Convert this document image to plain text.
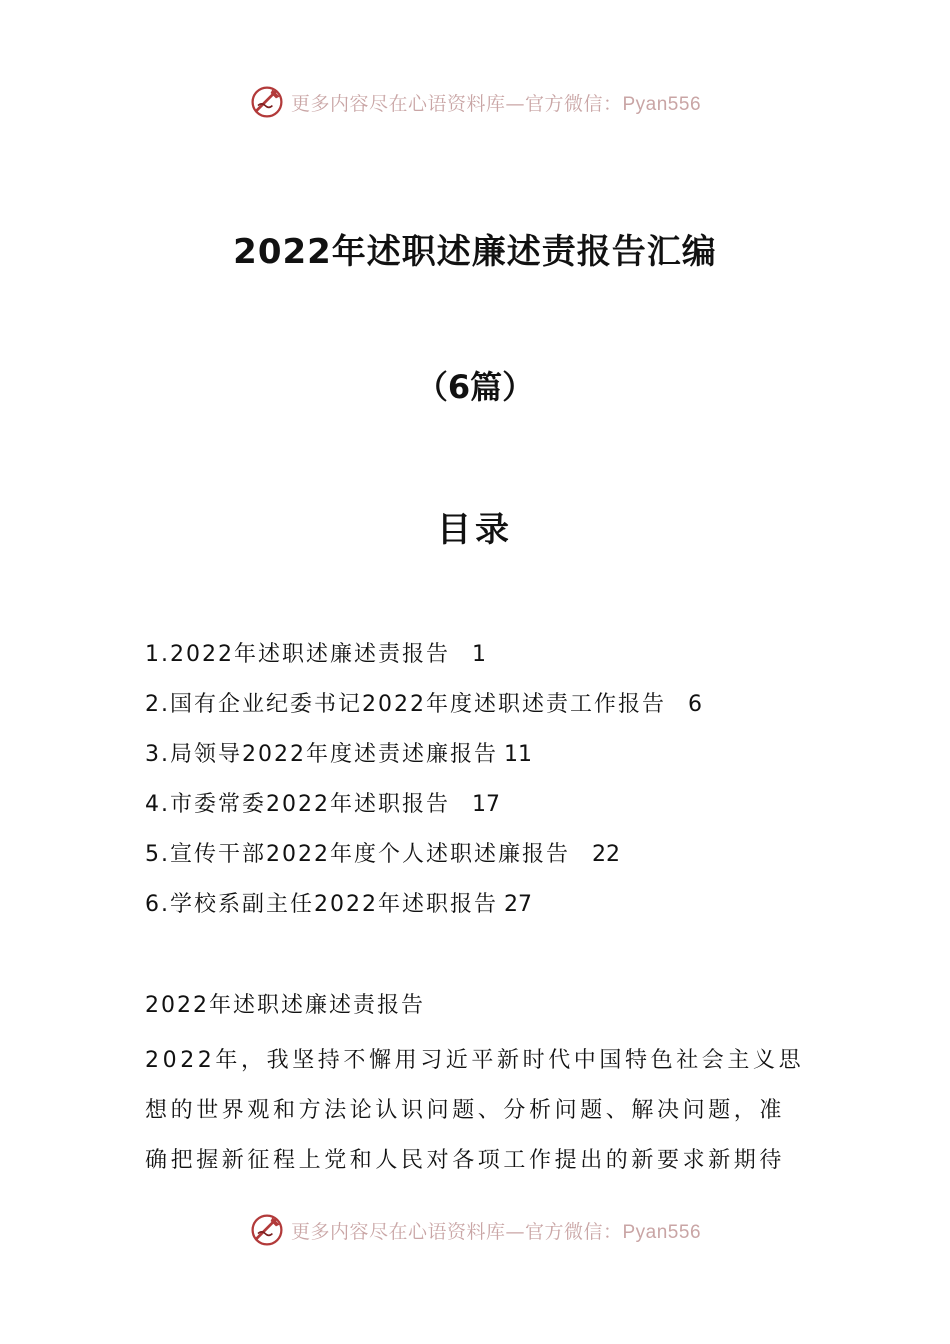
更多内容尽在心语资料库—官方微信：Pyan556
2022年述职述廉述责报告汇编
（6篇）
目录
1.2022年述职述廉述责报告 1
2.国有企业纪委书记2022年度述职述责工作报告 6
3.局领导2022年度述责述廉报告 11
4.市委常委2022年述职报告 17
5.宣传干部2022年度个人述职述廉报告 22
6.学校系副主任2022年述职报告 27
2022年述职述廉述责报告

2022年，我坚持不懈用习近平新时代中国特色社会主义思想的世界观和方法论认识问题、分析问题、解决问题，准确把握新征程上党和人民对各项工作提出的新要求新期待

更多内容尽在心语资料库—官方微信：Pyan556
